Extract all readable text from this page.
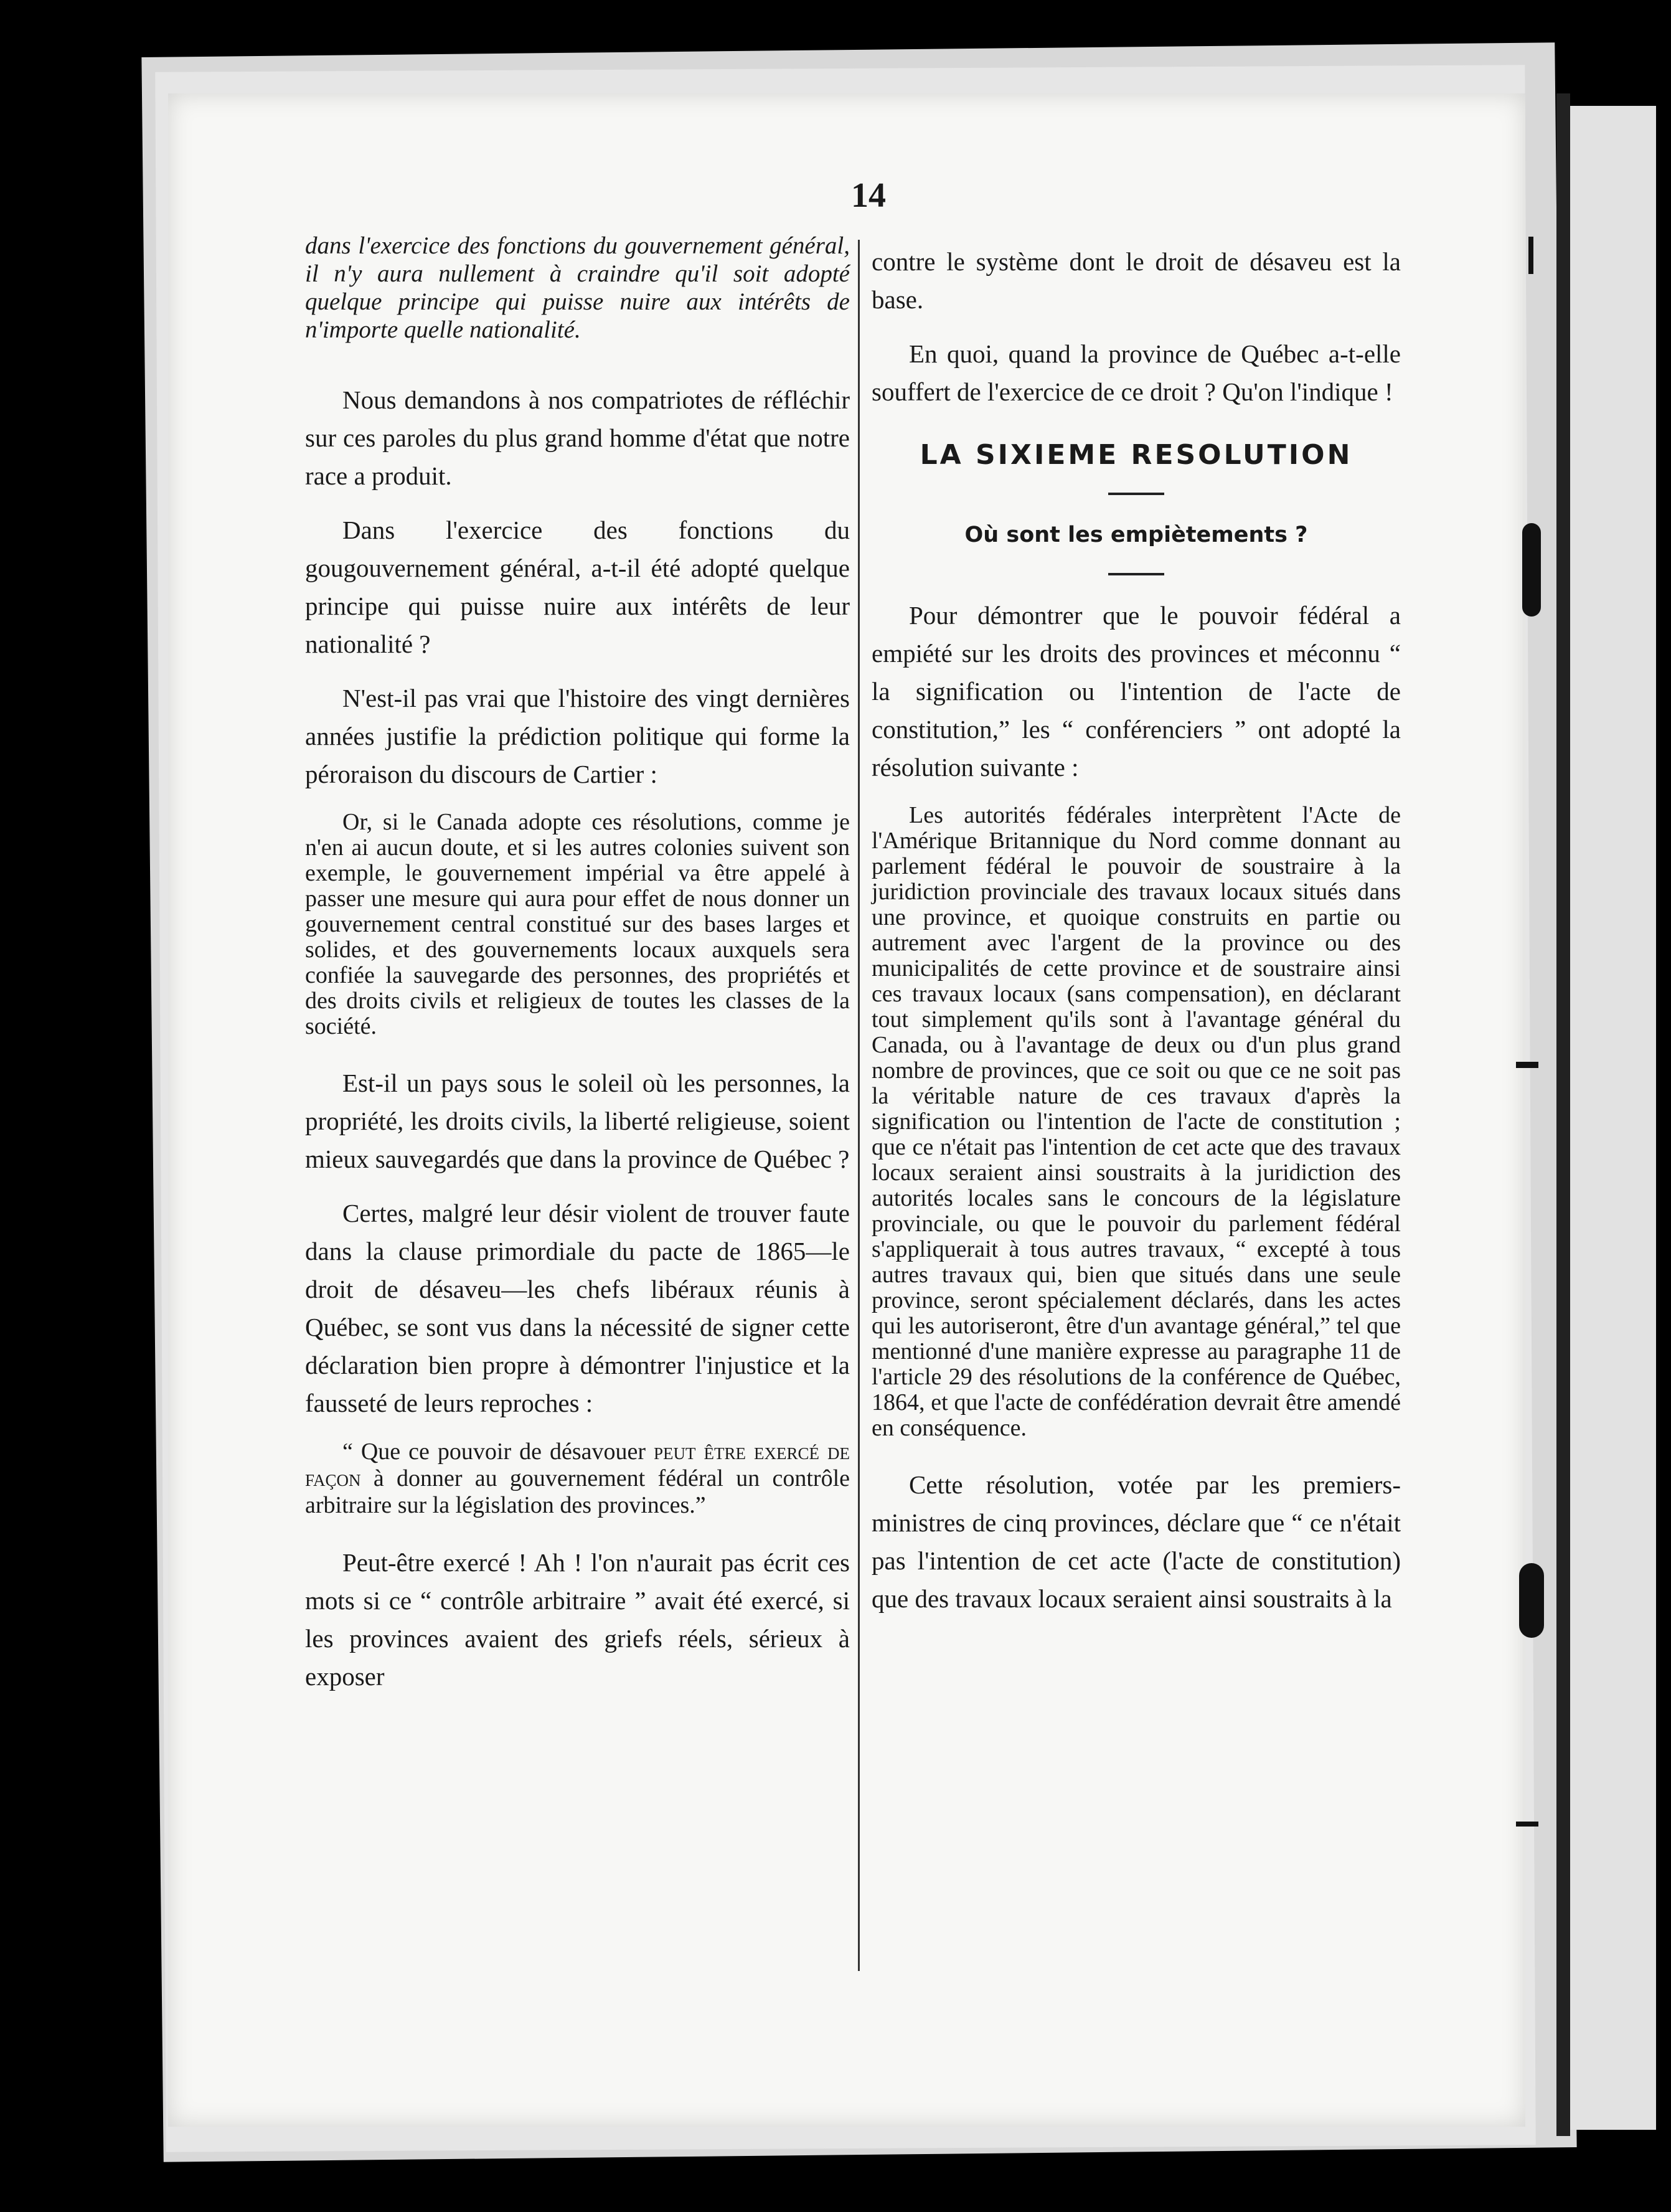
14

dans l'exercice des fonctions du gouvernement général, il n'y aura nullement à craindre qu'il soit adopté quelque principe qui puisse nuire aux intérêts de n'importe quelle nationalité.

Nous demandons à nos compatriotes de réfléchir sur ces paroles du plus grand homme d'état que notre race a produit.

Dans l'exercice des fonctions du gougouvernement général, a-t-il été adopté quelque principe qui puisse nuire aux intérêts de leur nationalité ?

N'est-il pas vrai que l'histoire des vingt dernières années justifie la prédiction politique qui forme la péroraison du discours de Cartier :

Or, si le Canada adopte ces résolutions, comme je n'en ai aucun doute, et si les autres colonies suivent son exemple, le gouvernement impérial va être appelé à passer une mesure qui aura pour effet de nous donner un gouvernement central constitué sur des bases larges et solides, et des gouvernements locaux auxquels sera confiée la sauvegarde des personnes, des propriétés et des droits civils et religieux de toutes les classes de la société.

Est-il un pays sous le soleil où les personnes, la propriété, les droits civils, la liberté religieuse, soient mieux sauvegardés que dans la province de Québec ?

Certes, malgré leur désir violent de trouver faute dans la clause primordiale du pacte de 1865—le droit de désaveu—les chefs libéraux réunis à Québec, se sont vus dans la nécessité de signer cette déclaration bien propre à démontrer l'injustice et la fausseté de leurs reproches :

“ Que ce pouvoir de désavouer peut être exercé de façon à donner au gouvernement fédéral un contrôle arbitraire sur la législation des provinces.”

Peut-être exercé ! Ah ! l'on n'aurait pas écrit ces mots si ce “ contrôle arbitraire ” avait été exercé, si les provinces avaient des griefs réels, sérieux à exposer

contre le système dont le droit de désaveu est la base.

En quoi, quand la province de Québec a-t-elle souffert de l'exercice de ce droit ? Qu'on l'indique !

LA SIXIEME RESOLUTION
Où sont les empiètements ?

Pour démontrer que le pouvoir fédéral a empiété sur les droits des provinces et méconnu “ la signification ou l'intention de l'acte de constitution,” les “ conférenciers ” ont adopté la résolution suivante :

Les autorités fédérales interprètent l'Acte de l'Amérique Britannique du Nord comme donnant au parlement fédéral le pouvoir de soustraire à la juridiction provinciale des travaux locaux situés dans une province, et quoique construits en partie ou autrement avec l'argent de la province ou des municipalités de cette province et de soustraire ainsi ces travaux locaux (sans compensation), en déclarant tout simplement qu'ils sont à l'avantage général du Canada, ou à l'avantage de deux ou d'un plus grand nombre de provinces, que ce soit ou que ce ne soit pas la véritable nature de ces travaux d'après la signification ou l'intention de l'acte de constitution ; que ce n'était pas l'intention de cet acte que des travaux locaux seraient ainsi soustraits à la juridiction des autorités locales sans le concours de la législature provinciale, ou que le pouvoir du parlement fédéral s'appliquerait à tous autres travaux, “ excepté à tous autres travaux qui, bien que situés dans une seule province, seront spécialement déclarés, dans les actes qui les autoriseront, être d'un avantage général,” tel que mentionné d'une manière expresse au paragraphe 11 de l'article 29 des résolutions de la conférence de Québec, 1864, et que l'acte de confédération devrait être amendé en conséquence.

Cette résolution, votée par les premiers-ministres de cinq provinces, déclare que “ ce n'était pas l'intention de cet acte (l'acte de constitution) que des travaux locaux seraient ainsi soustraits à la
